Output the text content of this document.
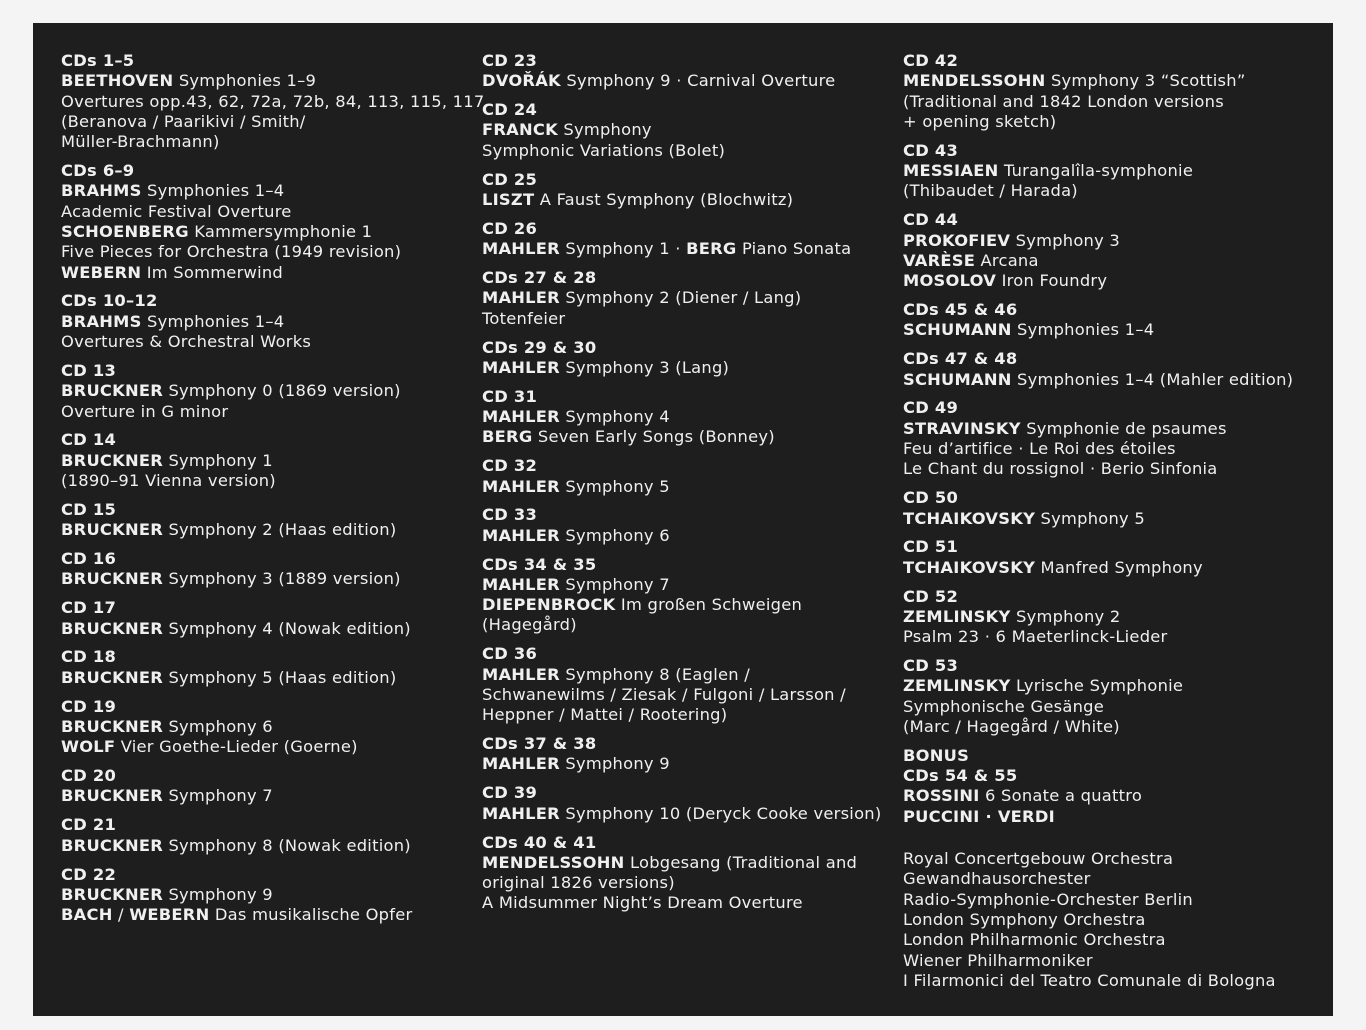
CDs 1–5
BEETHOVEN Symphonies 1–9
Overtures opp.43, 62, 72a, 72b, 84, 113, 115, 117
(Beranova / Paarikivi / Smith/
Müller-Brachmann)
CDs 6–9
BRAHMS Symphonies 1–4
Academic Festival Overture
SCHOENBERG Kammersymphonie 1
Five Pieces for Orchestra (1949 revision)
WEBERN Im Sommerwind
CDs 10–12
BRAHMS Symphonies 1–4
Overtures & Orchestral Works
CD 13
BRUCKNER Symphony 0 (1869 version)
Overture in G minor
CD 14
BRUCKNER Symphony 1
(1890–91 Vienna version)
CD 15
BRUCKNER Symphony 2 (Haas edition)
CD 16
BRUCKNER Symphony 3 (1889 version)
CD 17
BRUCKNER Symphony 4 (Nowak edition)
CD 18
BRUCKNER Symphony 5 (Haas edition)
CD 19
BRUCKNER Symphony 6
WOLF Vier Goethe-Lieder (Goerne)
CD 20
BRUCKNER Symphony 7
CD 21
BRUCKNER Symphony 8 (Nowak edition)
CD 22
BRUCKNER Symphony 9
BACH / WEBERN Das musikalische Opfer
CD 23
DVOŘÁK Symphony 9 · Carnival Overture
CD 24
FRANCK Symphony
Symphonic Variations (Bolet)
CD 25
LISZT A Faust Symphony (Blochwitz)
CD 26
MAHLER Symphony 1 · BERG Piano Sonata
CDs 27 & 28
MAHLER Symphony 2 (Diener / Lang)
Totenfeier
CDs 29 & 30
MAHLER Symphony 3 (Lang)
CD 31
MAHLER Symphony 4
BERG Seven Early Songs (Bonney)
CD 32
MAHLER Symphony 5
CD 33
MAHLER Symphony 6
CDs 34 & 35
MAHLER Symphony 7
DIEPENBROCK Im großen Schweigen
(Hagegård)
CD 36
MAHLER Symphony 8 (Eaglen /
Schwanewilms / Ziesak / Fulgoni / Larsson /
Heppner / Mattei / Rootering)
CDs 37 & 38
MAHLER Symphony 9
CD 39
MAHLER Symphony 10 (Deryck Cooke version)
CDs 40 & 41
MENDELSSOHN Lobgesang (Traditional and
original 1826 versions)
A Midsummer Night’s Dream Overture
CD 42
MENDELSSOHN Symphony 3 “Scottish”
(Traditional and 1842 London versions
+ opening sketch)
CD 43
MESSIAEN Turangalîla-symphonie
(Thibaudet / Harada)
CD 44
PROKOFIEV Symphony 3
VARÈSE Arcana
MOSOLOV Iron Foundry
CDs 45 & 46
SCHUMANN Symphonies 1–4
CDs 47 & 48
SCHUMANN Symphonies 1–4 (Mahler edition)
CD 49
STRAVINSKY Symphonie de psaumes
Feu d’artifice · Le Roi des étoiles
Le Chant du rossignol · Berio Sinfonia
CD 50
TCHAIKOVSKY Symphony 5
CD 51
TCHAIKOVSKY Manfred Symphony
CD 52
ZEMLINSKY Symphony 2
Psalm 23 · 6 Maeterlinck-Lieder
CD 53
ZEMLINSKY Lyrische Symphonie
Symphonische Gesänge
(Marc / Hagegård / White)
BONUS
CDs 54 & 55
ROSSINI 6 Sonate a quattro
PUCCINI · VERDI
Royal Concertgebouw Orchestra
Gewandhausorchester
Radio-Symphonie-Orchester Berlin
London Symphony Orchestra
London Philharmonic Orchestra
Wiener Philharmoniker
I Filarmonici del Teatro Comunale di Bologna
